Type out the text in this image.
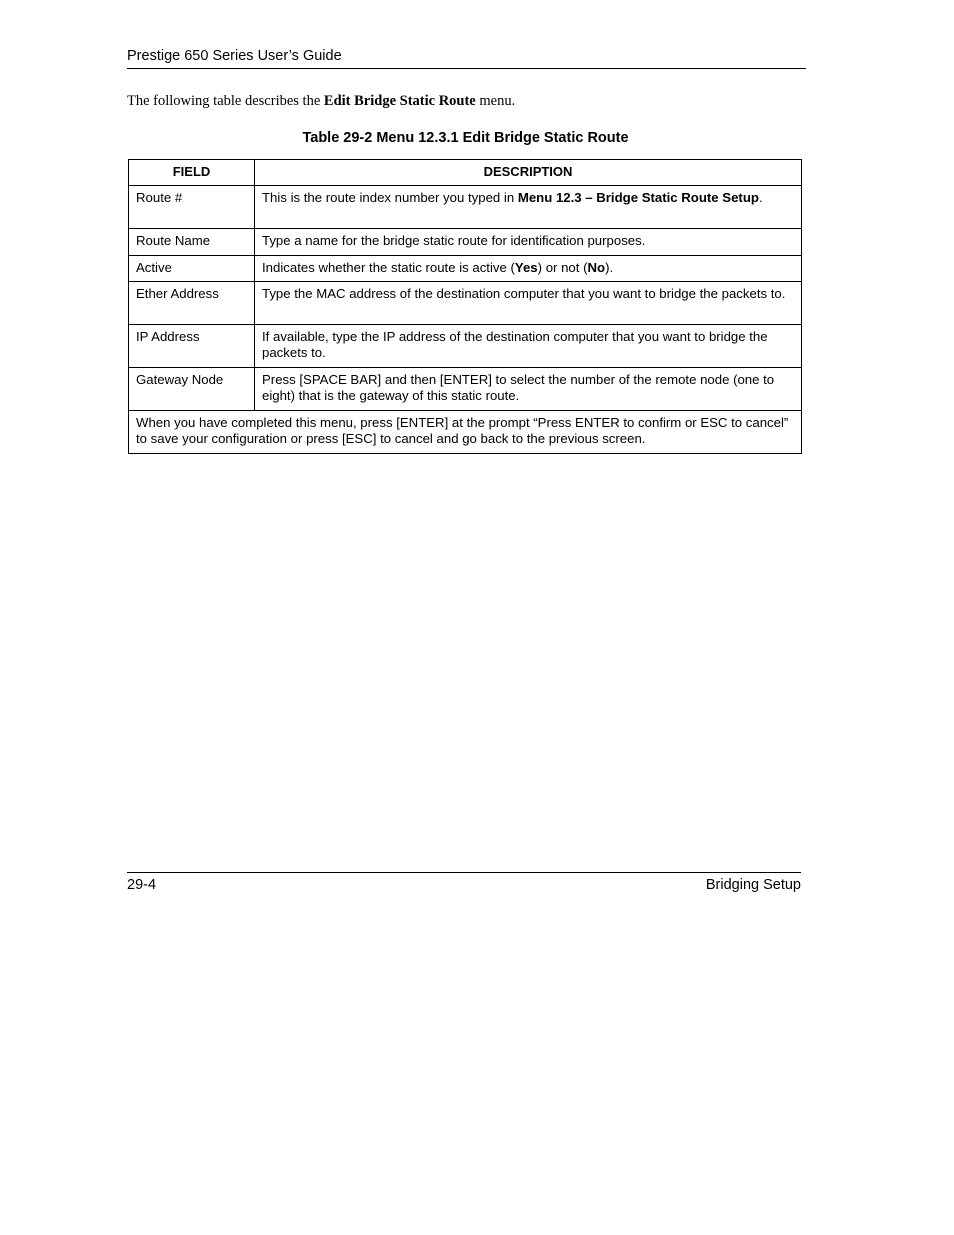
Prestige 650 Series User’s Guide
The following table describes the Edit Bridge Static Route menu.
Table 29-2 Menu 12.3.1 Edit Bridge Static Route
FIELD	DESCRIPTION
Route #	This is the route index number you typed in Menu 12.3 – Bridge Static Route Setup.
Route Name	Type a name for the bridge static route for identification purposes.
Active	Indicates whether the static route is active (Yes) or not (No).
Ether Address	Type the MAC address of the destination computer that you want to bridge the packets to.
IP Address	If available, type the IP address of the destination computer that you want to bridge the packets to.
Gateway Node	Press [SPACE BAR] and then [ENTER] to select the number of the remote node (one to eight) that is the gateway of this static route.
When you have completed this menu, press [ENTER] at the prompt “Press ENTER to confirm or ESC to cancel” to save your configuration or press [ESC] to cancel and go back to the previous screen.	
29-4	Bridging Setup
